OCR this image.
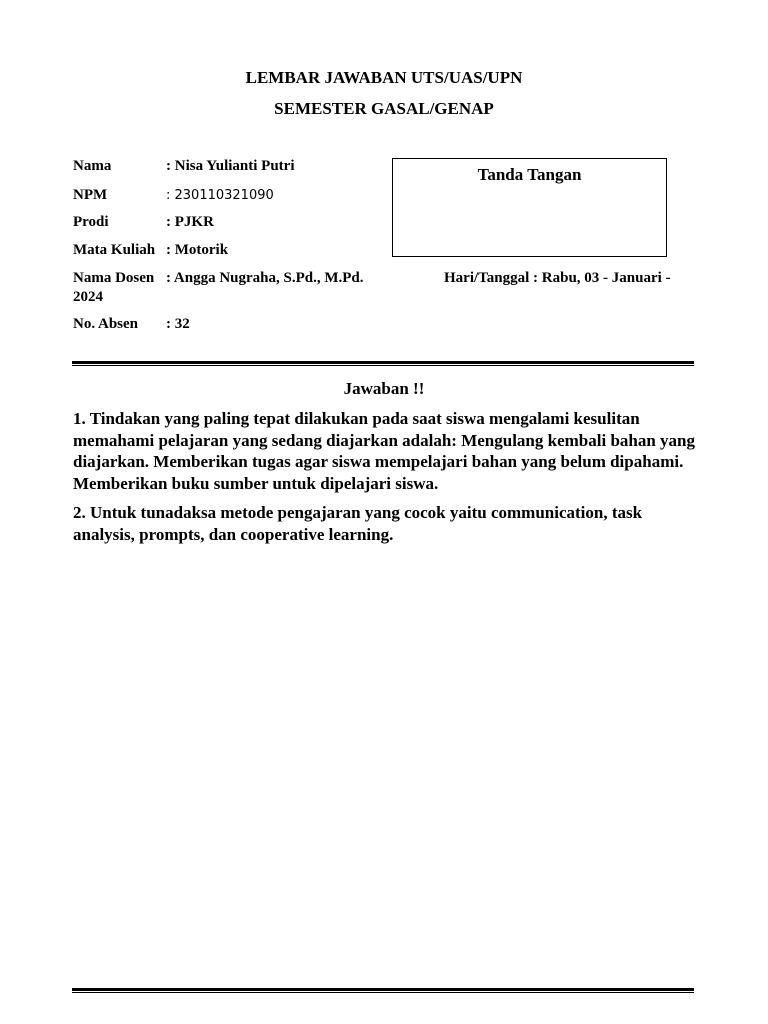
LEMBAR JAWABAN UTS/UAS/UPN
SEMESTER GASAL/GENAP
Nama	: Nisa Yulianti Putri
NPM	: 230110321090
Prodi	: PJKR
Mata Kuliah : Motorik
Nama Dosen : Angga Nugraha, S.Pd., M.Pd.
2024
No. Absen : 32
Tanda Tangan
Hari/Tanggal : Rabu, 03 - Januari -
Jawaban !!

1. Tindakan yang paling tepat dilakukan pada saat siswa mengalami kesulitan memahami pelajaran yang sedang diajarkan adalah: Mengulang kembali bahan yang diajarkan. Memberikan tugas agar siswa mempelajari bahan yang belum dipahami. Memberikan buku sumber untuk dipelajari siswa.

2. Untuk tunadaksa metode pengajaran yang cocok yaitu communication, task analysis, prompts, dan cooperative learning.
